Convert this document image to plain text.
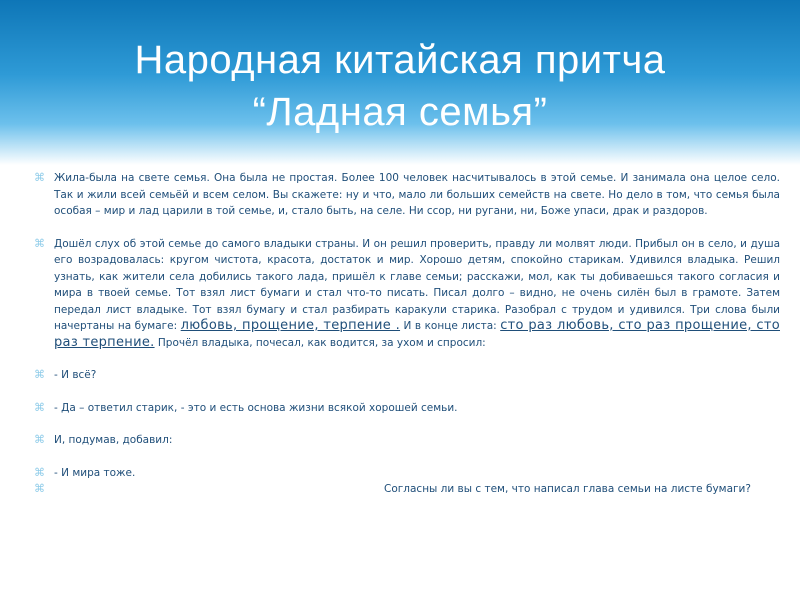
Народная китайская притча
“Ладная семья”

⌘ Жила-была на свете семья. Она была не простая. Более 100 человек насчитывалось в этой семье. И занимала она целое село. Так и жили всей семьёй и всем селом. Вы скажете: ну и что, мало ли больших семейств на свете. Но дело в том, что семья была особая – мир и лад царили в той семье, и, стало быть, на селе. Ни ссор, ни ругани, ни, Боже упаси, драк и раздоров.

⌘ Дошёл слух об этой семье до самого владыки страны. И он решил проверить, правду ли молвят люди. Прибыл он в село, и душа его возрадовалась: кругом чистота, красота, достаток и мир. Хорошо детям, спокойно старикам. Удивился владыка. Решил узнать, как жители села добились такого лада, пришёл к главе семьи; расскажи, мол, как ты добиваешься такого согласия и мира в твоей семье. Тот взял лист бумаги и стал что-то писать. Писал долго – видно, не очень силён был в грамоте. Затем передал лист владыке. Тот взял бумагу и стал разбирать каракули старика. Разобрал с трудом и удивился. Три слова были начертаны на бумаге: любовь, прощение, терпение . И в конце листа: сто раз любовь, сто раз прощение, сто раз терпение. Прочёл владыка, почесал, как водится, за ухом и спросил:

⌘ - И всё?

⌘ - Да – ответил старик, - это и есть основа жизни всякой хорошей семьи.

⌘ И, подумав, добавил:

⌘ - И мира тоже.

⌘	Согласны ли вы с тем, что написал глава семьи на листе бумаги?
